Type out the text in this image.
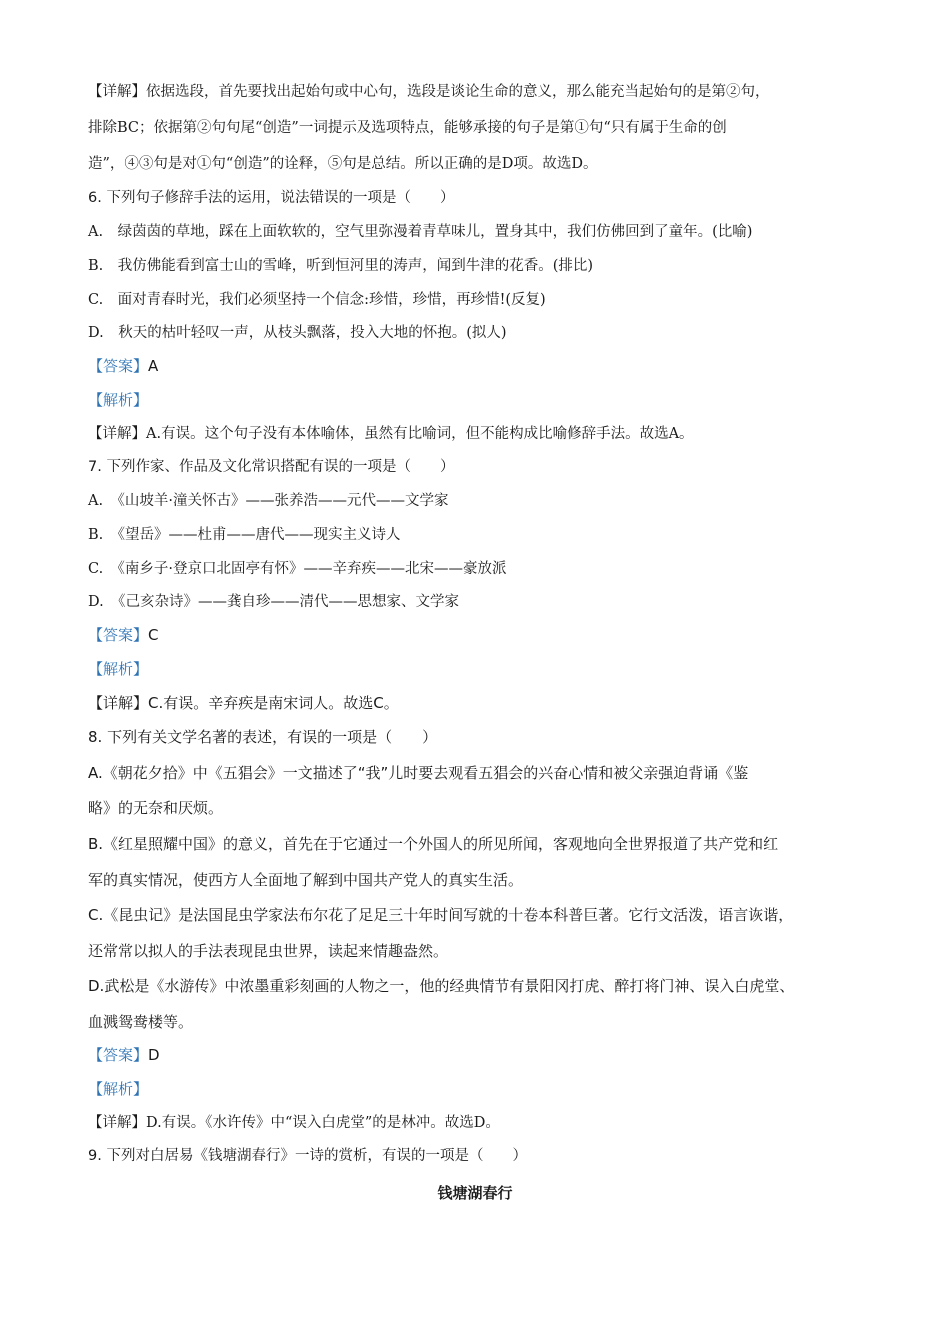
【详解】依据选段，首先要找出起始句或中心句，选段是谈论生命的意义，那么能充当起始句的是第②句，
排除BC；依据第②句句尾“创造”一词提示及选项特点，能够承接的句子是第①句“只有属于生命的创
造”，④③句是对①句“创造”的诠释，⑤句是总结。所以正确的是D项。故选D。
6. 下列句子修辞手法的运用，说法错误的一项是（　　）
A.　绿茵茵的草地，踩在上面软软的，空气里弥漫着青草味儿，置身其中，我们仿佛回到了童年。(比喻)
B.　我仿佛能看到富士山的雪峰，听到恒河里的涛声，闻到牛津的花香。(排比)
C.　面对青春时光，我们必须坚持一个信念:珍惜，珍惜，再珍惜!(反复)
D.　秋天的枯叶轻叹一声，从枝头飘落，投入大地的怀抱。(拟人)
【答案】A
【解析】
【详解】A.有误。这个句子没有本体喻体，虽然有比喻词，但不能构成比喻修辞手法。故选A。
7. 下列作家、作品及文化常识搭配有误的一项是（　　）
A.　《山坡羊·潼关怀古》——张养浩——元代——文学家
B.　《望岳》——杜甫——唐代——现实主义诗人
C.　《南乡子·登京口北固亭有怀》——辛弃疾——北宋——豪放派
D.　《己亥杂诗》——龚自珍——清代——思想家、文学家
【答案】C
【解析】
【详解】C.有误。辛弃疾是南宋词人。故选C。
8. 下列有关文学名著的表述，有误的一项是（　　）
A.《朝花夕拾》中《五猖会》一文描述了“我”儿时要去观看五猖会的兴奋心情和被父亲强迫背诵《鉴
略》的无奈和厌烦。
B.《红星照耀中国》的意义，首先在于它通过一个外国人的所见所闻，客观地向全世界报道了共产党和红
军的真实情况，使西方人全面地了解到中国共产党人的真实生活。
C.《昆虫记》是法国昆虫学家法布尔花了足足三十年时间写就的十卷本科普巨著。它行文活泼，语言诙谐，
还常常以拟人的手法表现昆虫世界，读起来情趣盎然。
D.武松是《水游传》中浓墨重彩刻画的人物之一，他的经典情节有景阳冈打虎、醉打将门神、误入白虎堂、
血溅鸳鸯楼等。
【答案】D
【解析】
【详解】D.有误。《水许传》中“误入白虎堂”的是林冲。故选D。
9. 下列对白居易《钱塘湖春行》一诗的赏析，有误的一项是（　　）
钱塘湖春行
